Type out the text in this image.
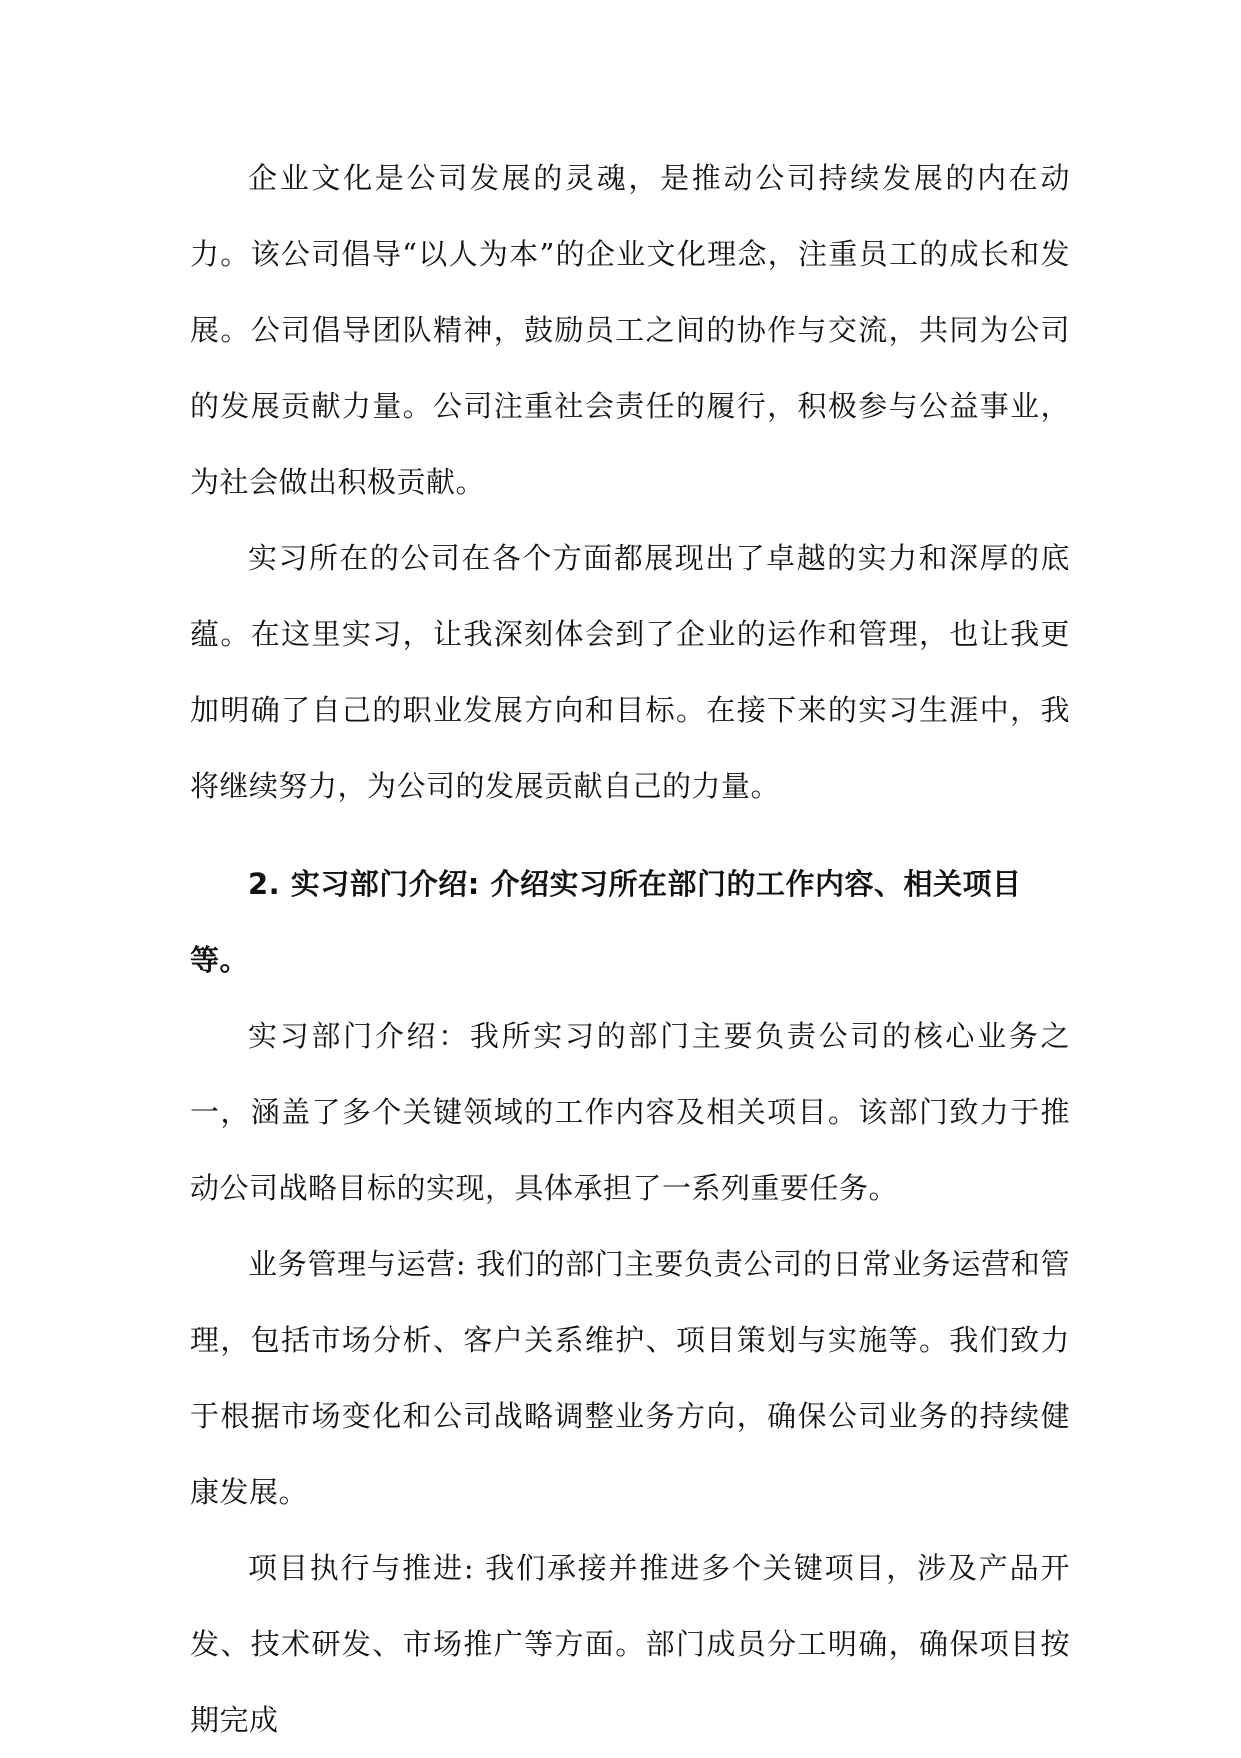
企业文化是公司发展的灵魂，是推动公司持续发展的内在动力。该公司倡导“以人为本”的企业文化理念，注重员工的成长和发展。公司倡导团队精神，鼓励员工之间的协作与交流，共同为公司的发展贡献力量。公司注重社会责任的履行，积极参与公益事业，为社会做出积极贡献。

实习所在的公司在各个方面都展现出了卓越的实力和深厚的底蕴。在这里实习，让我深刻体会到了企业的运作和管理，也让我更加明确了自己的职业发展方向和目标。在接下来的实习生涯中，我将继续努力，为公司的发展贡献自己的力量。

2. 实习部门介绍: 介绍实习所在部门的工作内容、相关项目等。

实习部门介绍：我所实习的部门主要负责公司的核心业务之一，涵盖了多个关键领域的工作内容及相关项目。该部门致力于推动公司战略目标的实现，具体承担了一系列重要任务。

业务管理与运营: 我们的部门主要负责公司的日常业务运营和管理，包括市场分析、客户关系维护、项目策划与实施等。我们致力于根据市场变化和公司战略调整业务方向，确保公司业务的持续健康发展。

项目执行与推进: 我们承接并推进多个关键项目，涉及产品开发、技术研发、市场推广等方面。部门成员分工明确，确保项目按期完成
